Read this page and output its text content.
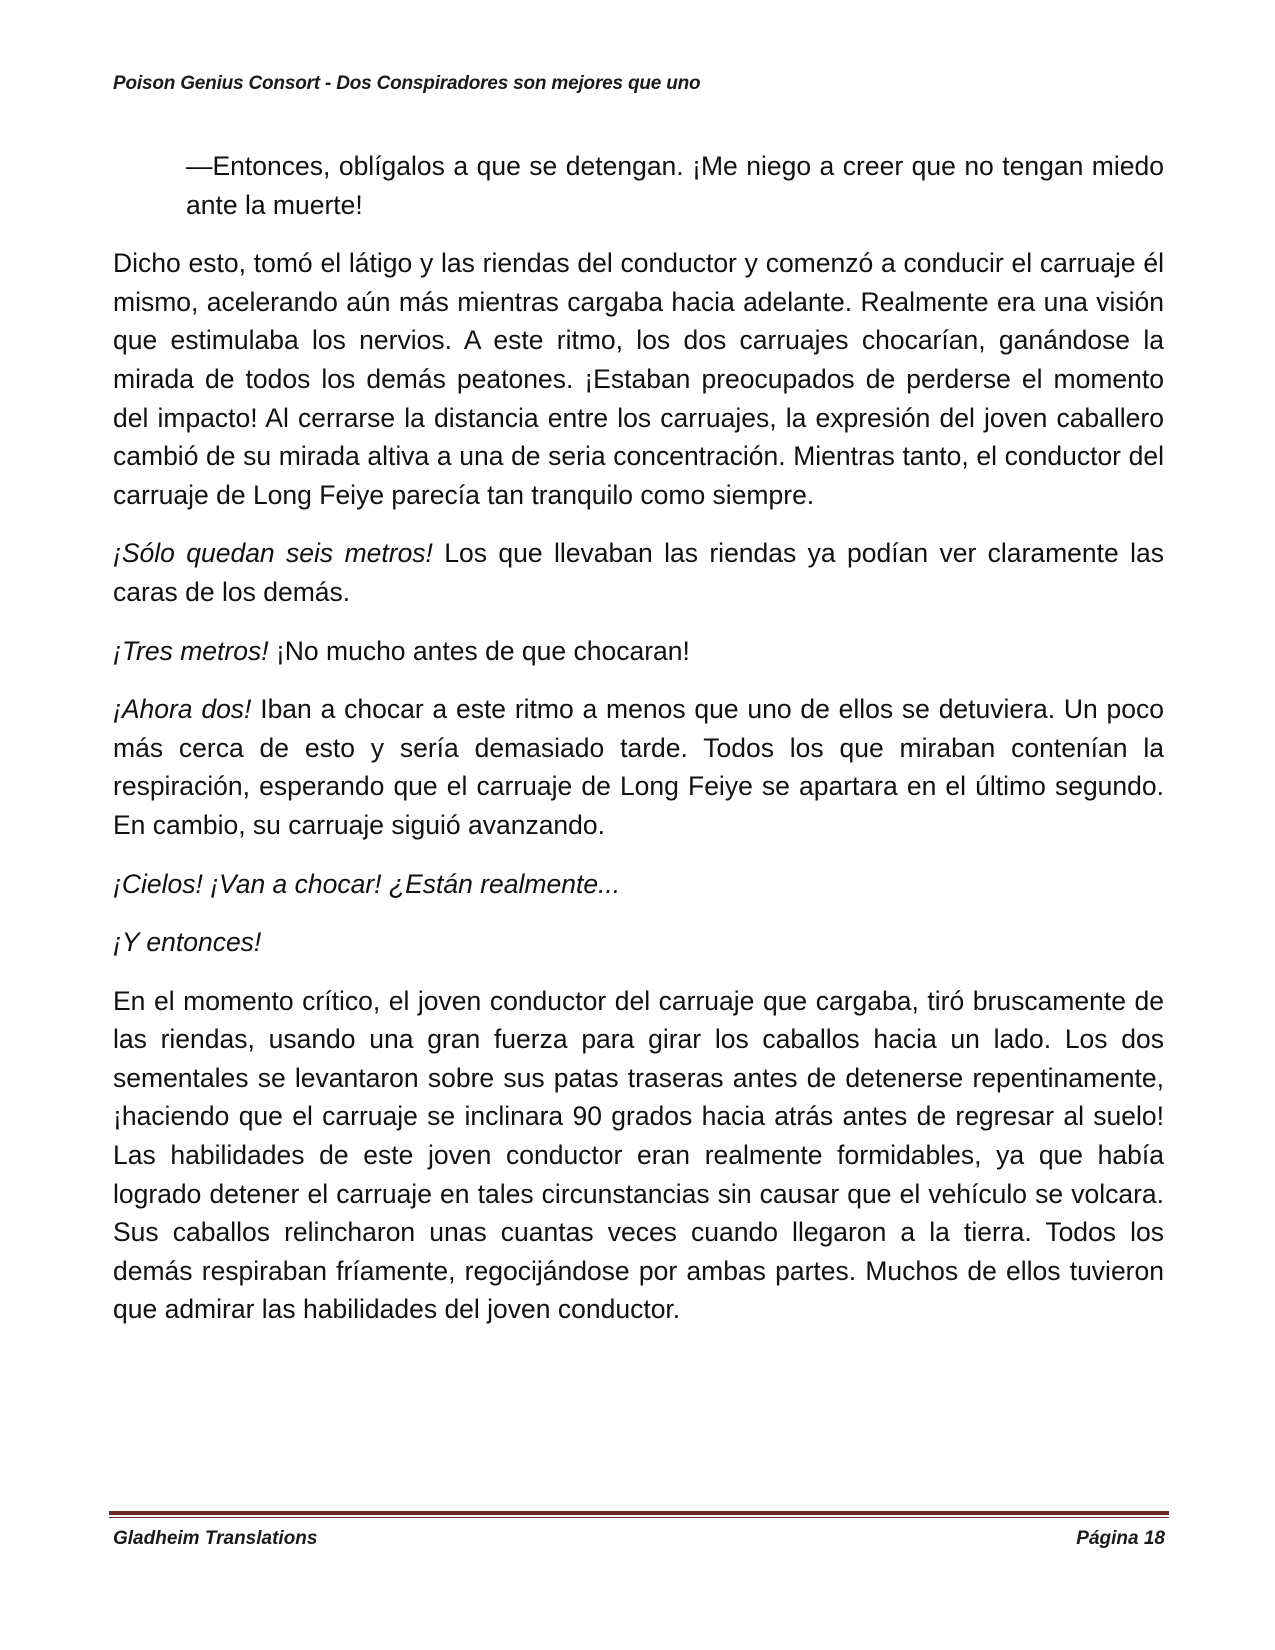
Poison Genius Consort - Dos Conspiradores son mejores que uno

—Entonces, oblígalos a que se detengan. ¡Me niego a creer que no tengan miedo ante la muerte!

Dicho esto, tomó el látigo y las riendas del conductor y comenzó a conducir el carruaje él mismo, acelerando aún más mientras cargaba hacia adelante. Realmente era una visión que estimulaba los nervios. A este ritmo, los dos carruajes chocarían, ganándose la mirada de todos los demás peatones. ¡Estaban preocupados de perderse el momento del impacto! Al cerrarse la distancia entre los carruajes, la expresión del joven caballero cambió de su mirada altiva a una de seria concentración. Mientras tanto, el conductor del carruaje de Long Feiye parecía tan tranquilo como siempre.

¡Sólo quedan seis metros! Los que llevaban las riendas ya podían ver claramente las caras de los demás.

¡Tres metros! ¡No mucho antes de que chocaran!

¡Ahora dos! Iban a chocar a este ritmo a menos que uno de ellos se detuviera. Un poco más cerca de esto y sería demasiado tarde. Todos los que miraban contenían la respiración, esperando que el carruaje de Long Feiye se apartara en el último segundo. En cambio, su carruaje siguió avanzando.

¡Cielos! ¡Van a chocar! ¿Están realmente...

¡Y entonces!

En el momento crítico, el joven conductor del carruaje que cargaba, tiró bruscamente de las riendas, usando una gran fuerza para girar los caballos hacia un lado. Los dos sementales se levantaron sobre sus patas traseras antes de detenerse repentinamente, ¡haciendo que el carruaje se inclinara 90 grados hacia atrás antes de regresar al suelo! Las habilidades de este joven conductor eran realmente formidables, ya que había logrado detener el carruaje en tales circunstancias sin causar que el vehículo se volcara. Sus caballos relincharon unas cuantas veces cuando llegaron a la tierra. Todos los demás respiraban fríamente, regocijándose por ambas partes. Muchos de ellos tuvieron que admirar las habilidades del joven conductor.

Gladheim Translations	Página 18
